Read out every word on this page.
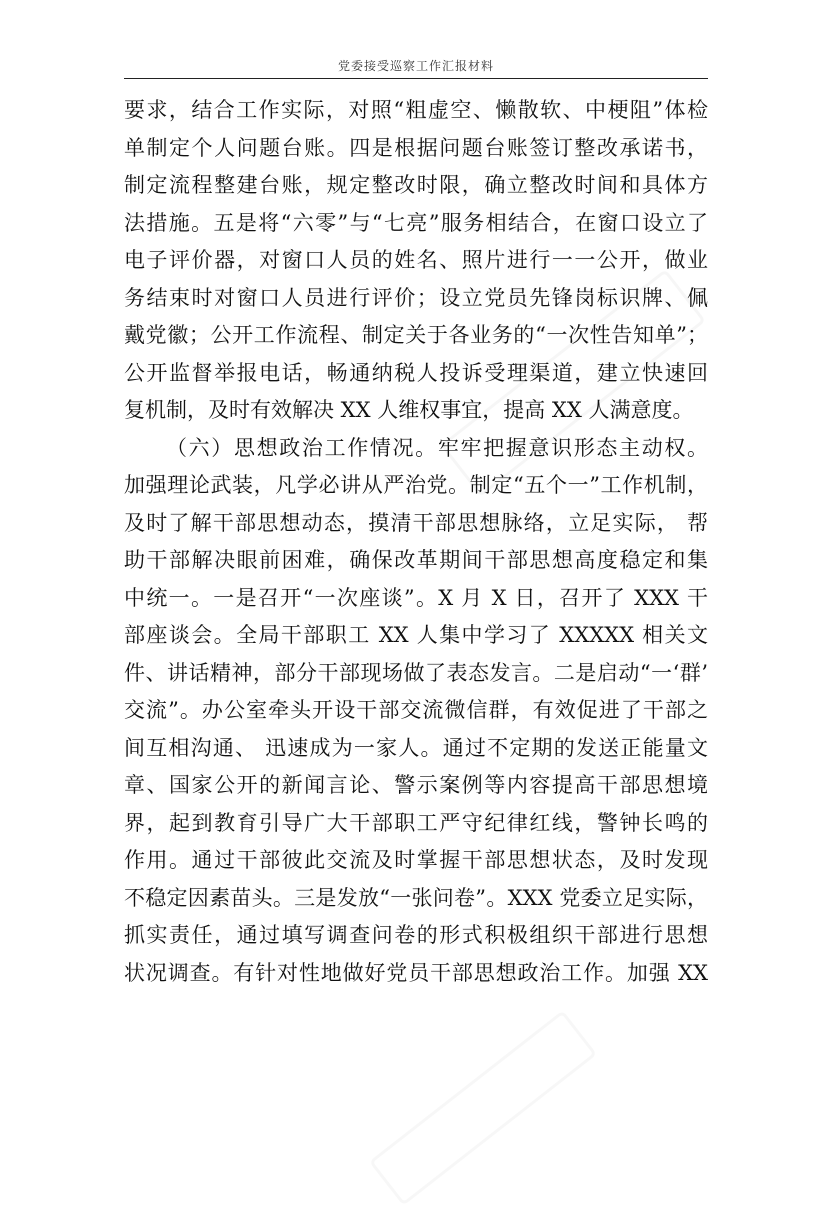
党委接受巡察工作汇报材料
要求，结合工作实际，对照“粗虚空、懒散软、中梗阻”体检
单制定个人问题台账。四是根据问题台账签订整改承诺书，
制定流程整建台账，规定整改时限，确立整改时间和具体方
法措施。五是将“六零”与“七亮”服务相结合，在窗口设立了
电子评价器，对窗口人员的姓名、照片进行一一公开，做业
务结束时对窗口人员进行评价；设立党员先锋岗标识牌、佩
戴党徽；公开工作流程、制定关于各业务的“一次性告知单”；
公开监督举报电话，畅通纳税人投诉受理渠道，建立快速回
复机制，及时有效解决 XX 人维权事宜，提高 XX 人满意度。
（六）思想政治工作情况。牢牢把握意识形态主动权。
加强理论武装，凡学必讲从严治党。制定“五个一”工作机制，
及时了解干部思想动态，摸清干部思想脉络，立足实际， 帮
助干部解决眼前困难，确保改革期间干部思想高度稳定和集
中统一。一是召开“一次座谈”。X 月 X 日，召开了 XXX 干
部座谈会。全局干部职工 XX 人集中学习了 XXXXX 相关文
件、讲话精神，部分干部现场做了表态发言。二是启动“一‘群’
交流”。办公室牵头开设干部交流微信群，有效促进了干部之
间互相沟通、 迅速成为一家人。通过不定期的发送正能量文
章、国家公开的新闻言论、警示案例等内容提高干部思想境
界，起到教育引导广大干部职工严守纪律红线，警钟长鸣的
作用。通过干部彼此交流及时掌握干部思想状态，及时发现
不稳定因素苗头。三是发放“一张问卷”。XXX 党委立足实际，
抓实责任，通过填写调查问卷的形式积极组织干部进行思想
状况调查。有针对性地做好党员干部思想政治工作。加强 XX
